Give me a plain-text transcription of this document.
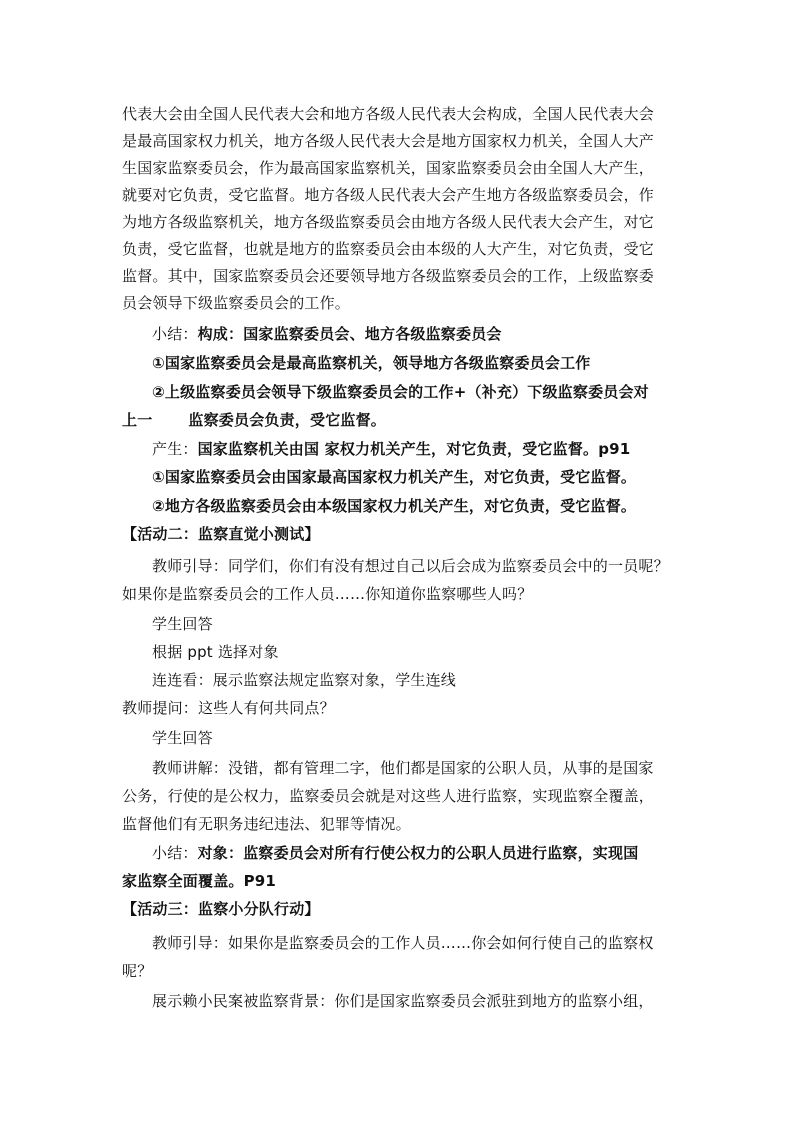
代表大会由全国人民代表大会和地方各级人民代表大会构成，全国人民代表大会
是最高国家权力机关，地方各级人民代表大会是地方国家权力机关，全国人大产
生国家监察委员会，作为最高国家监察机关，国家监察委员会由全国人大产生，
就要对它负责，受它监督。地方各级人民代表大会产生地方各级监察委员会，作
为地方各级监察机关，地方各级监察委员会由地方各级人民代表大会产生，对它
负责，受它监督，也就是地方的监察委员会由本级的人大产生，对它负责，受它
监督。其中，国家监察委员会还要领导地方各级监察委员会的工作，上级监察委
员会领导下级监察委员会的工作。
小结：构成：国家监察委员会、地方各级监察委员会
①国家监察委员会是最高监察机关，领导地方各级监察委员会工作
②上级监察委员会领导下级监察委员会的工作+（补充）下级监察委员会对
上一 监察委员会负责，受它监督。
产生：国家监察机关由国 家权力机关产生，对它负责，受它监督。p91
①国家监察委员会由国家最高国家权力机关产生，对它负责，受它监督。
②地方各级监察委员会由本级国家权力机关产生，对它负责，受它监督。
【活动二：监察直觉小测试】
教师引导：同学们，你们有没有想过自己以后会成为监察委员会中的一员呢？
如果你是监察委员会的工作人员……你知道你监察哪些人吗？
学生回答
根据 ppt 选择对象
连连看：展示监察法规定监察对象，学生连线
教师提问：这些人有何共同点？
学生回答
教师讲解：没错，都有管理二字，他们都是国家的公职人员，从事的是国家
公务，行使的是公权力，监察委员会就是对这些人进行监察，实现监察全覆盖，
监督他们有无职务违纪违法、犯罪等情况。
小结：对象：监察委员会对所有行使公权力的公职人员进行监察，实现国
家监察全面覆盖。P91
【活动三：监察小分队行动】
教师引导：如果你是监察委员会的工作人员……你会如何行使自己的监察权
呢？
展示赖小民案被监察背景：你们是国家监察委员会派驻到地方的监察小组，
